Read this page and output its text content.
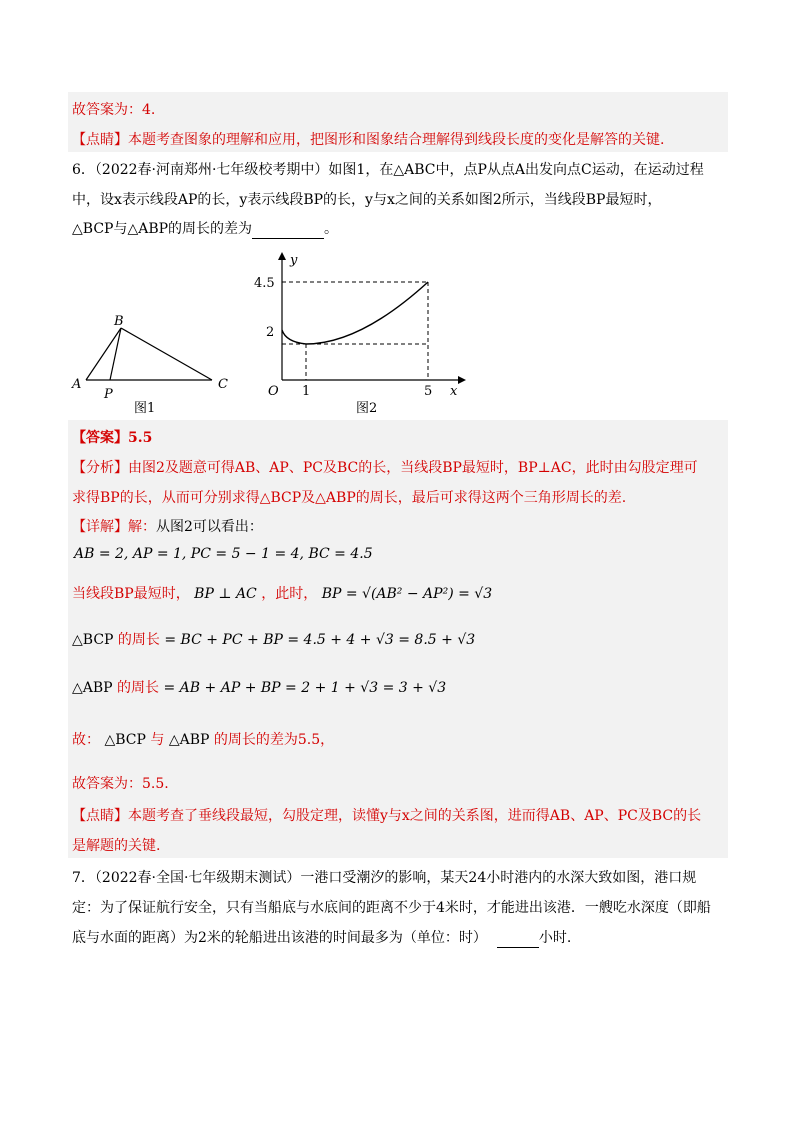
故答案为：4.
【点睛】本题考查图象的理解和应用，把图形和图象结合理解得到线段长度的变化是解答的关键.
6．（2022春·河南郑州·七年级校考期中）如图1，在△ABC中，点P从点A出发向点C运动，在运动过程
中，设x表示线段AP的长，y表示线段BP的长，y与x之间的关系如图2所示，当线段BP最短时，
△BCP与△ABP的周长的差为	。
B
A
P
C
图1
y
4.5
2
O 1	5 x
图2
【答案】5.5
【分析】由图2及题意可得AB、AP、PC及BC的长，当线段BP最短时，BP⊥AC，此时由勾股定理可
求得BP的长，从而可分别求得△BCP及△ABP的周长，最后可求得这两个三角形周长的差.
【详解】解：从图2可以看出：
AB = 2, AP = 1, PC = 5 − 1 = 4, BC = 4.5
当线段BP最短时， BP ⊥ AC ，此时， BP = √(AB² − AP²) = √3
△BCP 的周长 = BC + PC + BP = 4.5 + 4 + √3 = 8.5 + √3
△ABP 的周长 = AB + AP + BP = 2 + 1 + √3 = 3 + √3
故： △BCP 与 △ABP 的周长的差为5.5，
故答案为：5.5.
【点睛】本题考查了垂线段最短，勾股定理，读懂y与x之间的关系图，进而得AB、AP、PC及BC的长
是解题的关键.
7．（2022春·全国·七年级期末测试）一港口受潮汐的影响，某天24小时港内的水深大致如图，港口规
定：为了保证航行安全，只有当船底与水底间的距离不少于4米时，才能进出该港．一艘吃水深度（即船
底与水面的距离）为2米的轮船进出该港的时间最多为（单位：时）	小时.
